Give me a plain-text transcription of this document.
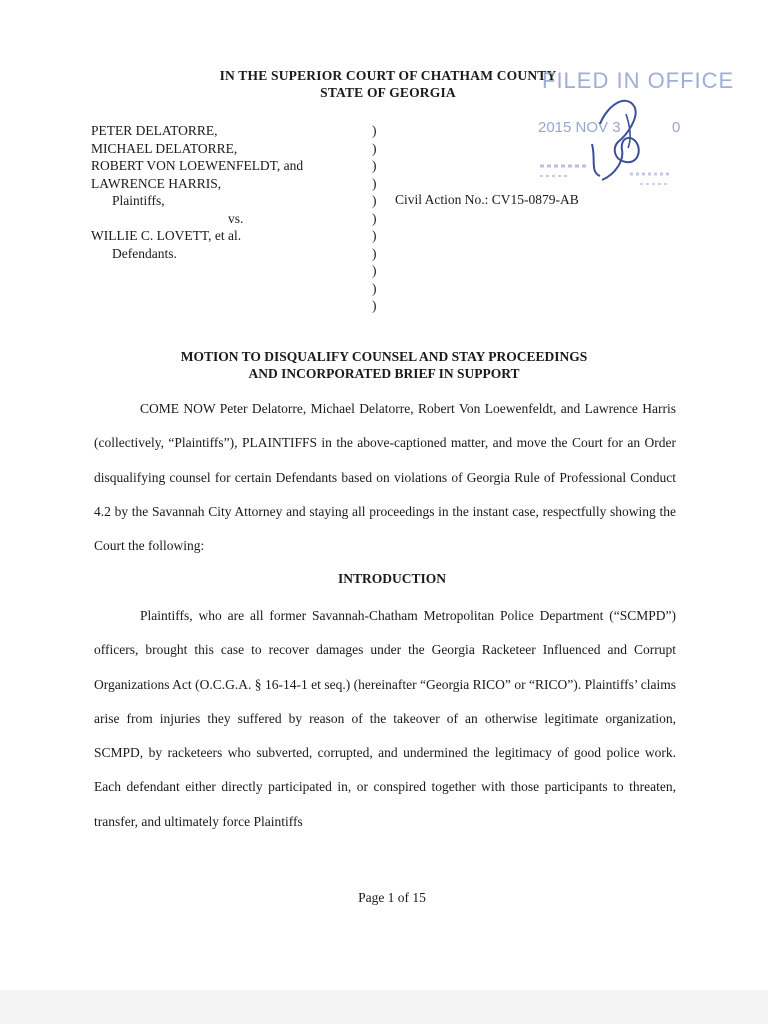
IN THE SUPERIOR COURT OF CHATHAM COUNTY
STATE OF GEORGIA	FILED IN OFFICE
2015 NOV 3	0
PETER DELATORRE,
MICHAEL DELATORRE,
ROBERT VON LOEWENFELDT, and
LAWRENCE HARRIS,
Plaintiffs,
vs.
WILLIE C. LOVETT, et al.
Defendants.
)
)
)
)
)
)
)
)
)
)
)
Civil Action No.: CV15-0879-AB
MOTION TO DISQUALIFY COUNSEL AND STAY PROCEEDINGS
AND INCORPORATED BRIEF IN SUPPORT
COME NOW Peter Delatorre, Michael Delatorre, Robert Von Loewenfeldt, and Lawrence Harris (collectively, “Plaintiffs”), PLAINTIFFS in the above-captioned matter, and move the Court for an Order disqualifying counsel for certain Defendants based on violations of Georgia Rule of Professional Conduct 4.2 by the Savannah City Attorney and staying all proceedings in the instant case, respectfully showing the Court the following:
INTRODUCTION
Plaintiffs, who are all former Savannah-Chatham Metropolitan Police Department (“SCMPD”) officers, brought this case to recover damages under the Georgia Racketeer Influenced and Corrupt Organizations Act (O.C.G.A. § 16-14-1 et seq.) (hereinafter “Georgia RICO” or “RICO”). Plaintiffs’ claims arise from injuries they suffered by reason of the takeover of an otherwise legitimate organization, SCMPD, by racketeers who subverted, corrupted, and undermined the legitimacy of good police work. Each defendant either directly participated in, or conspired together with those participants to threaten, transfer, and ultimately force Plaintiffs
Page 1 of 15
